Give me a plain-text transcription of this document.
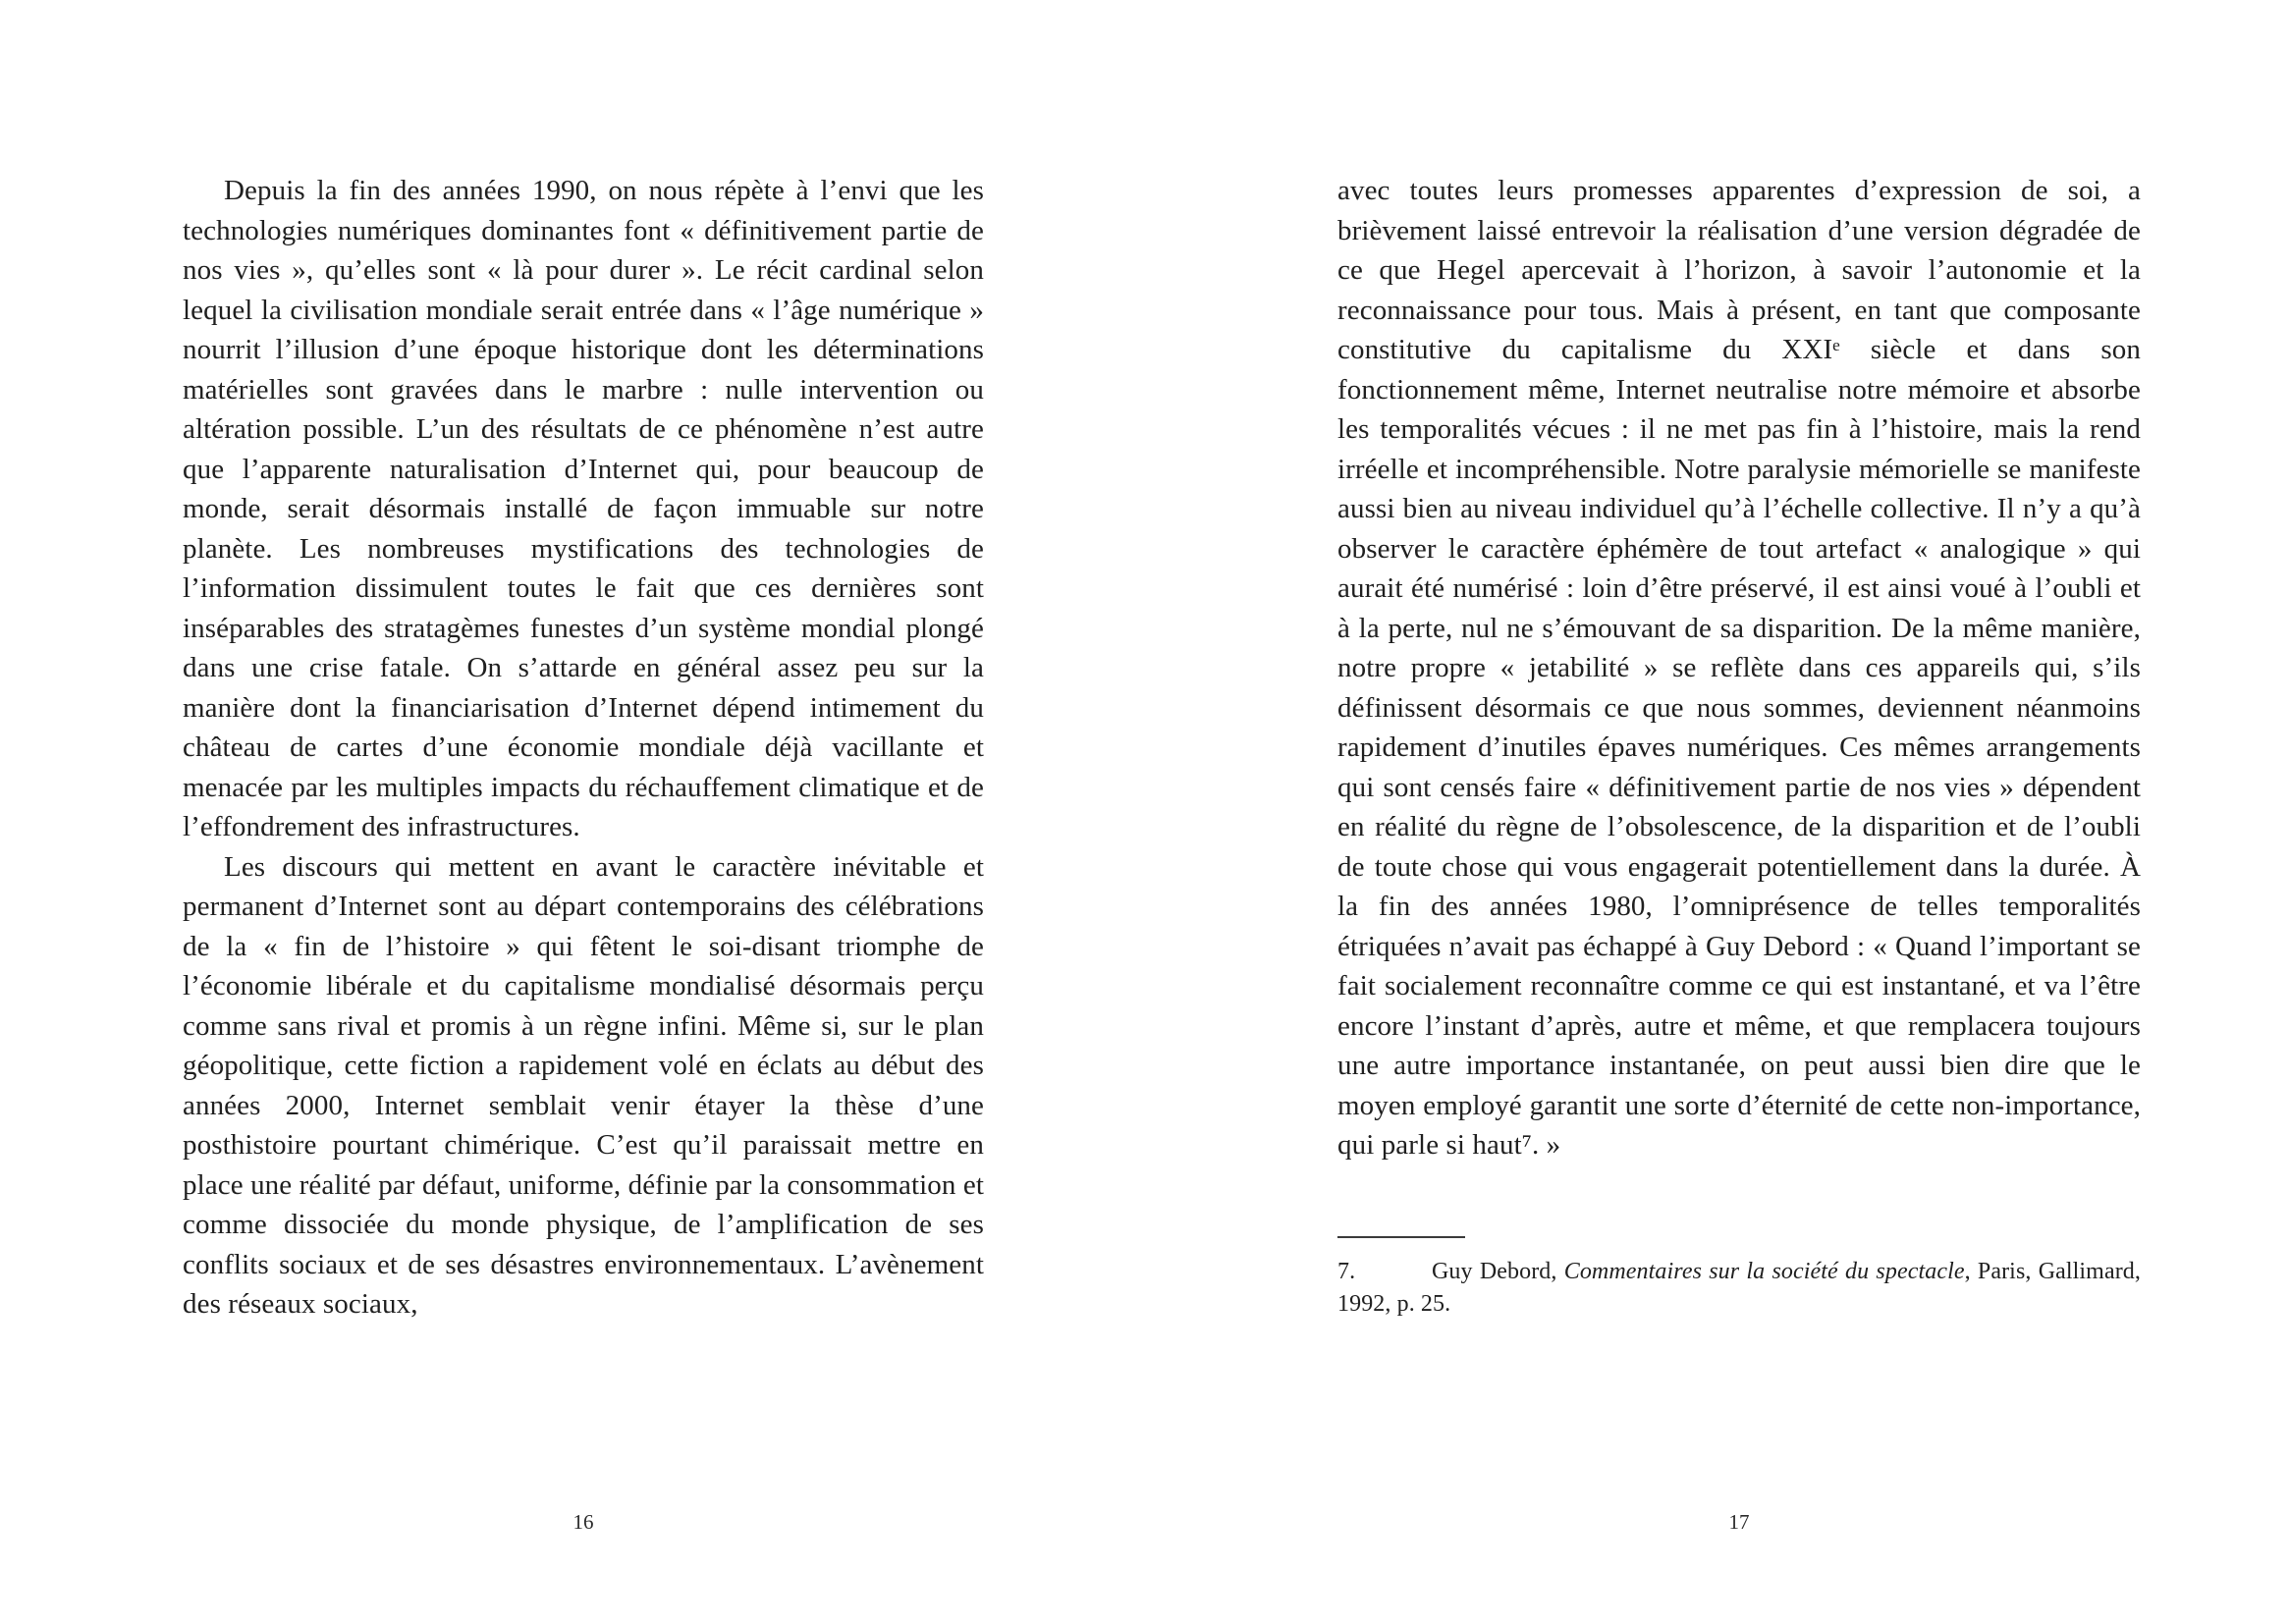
Depuis la fin des années 1990, on nous répète à l’envi que les technologies numériques dominantes font « définitivement partie de nos vies », qu’elles sont « là pour durer ». Le récit cardinal selon lequel la civilisation mondiale serait entrée dans « l’âge numérique » nourrit l’illusion d’une époque historique dont les déterminations matérielles sont gravées dans le marbre : nulle intervention ou altération possible. L’un des résultats de ce phénomène n’est autre que l’apparente naturalisation d’Internet qui, pour beaucoup de monde, serait désormais installé de façon immuable sur notre planète. Les nombreuses mystifications des technologies de l’information dissimulent toutes le fait que ces dernières sont inséparables des stratagèmes funestes d’un système mondial plongé dans une crise fatale. On s’attarde en général assez peu sur la manière dont la financiarisation d’Internet dépend intimement du château de cartes d’une économie mondiale déjà vacillante et menacée par les multiples impacts du réchauffement climatique et de l’effondrement des infrastructures.

Les discours qui mettent en avant le caractère inévitable et permanent d’Internet sont au départ contemporains des célébrations de la « fin de l’histoire » qui fêtent le soi-disant triomphe de l’économie libérale et du capitalisme mondialisé désormais perçu comme sans rival et promis à un règne infini. Même si, sur le plan géopolitique, cette fiction a rapidement volé en éclats au début des années 2000, Internet semblait venir étayer la thèse d’une posthistoire pourtant chimérique. C’est qu’il paraissait mettre en place une réalité par défaut, uniforme, définie par la consommation et comme dissociée du monde physique, de l’amplification de ses conflits sociaux et de ses désastres environnementaux. L’avènement des réseaux sociaux,

avec toutes leurs promesses apparentes d’expression de soi, a brièvement laissé entrevoir la réalisation d’une version dégradée de ce que Hegel apercevait à l’horizon, à savoir l’autonomie et la reconnaissance pour tous. Mais à présent, en tant que composante constitutive du capitalisme du XXIᵉ siècle et dans son fonctionnement même, Internet neutralise notre mémoire et absorbe les temporalités vécues : il ne met pas fin à l’histoire, mais la rend irréelle et incompréhensible. Notre paralysie mémorielle se manifeste aussi bien au niveau individuel qu’à l’échelle collective. Il n’y a qu’à observer le caractère éphémère de tout artefact « analogique » qui aurait été numérisé : loin d’être préservé, il est ainsi voué à l’oubli et à la perte, nul ne s’émouvant de sa disparition. De la même manière, notre propre « jetabilité » se reflète dans ces appareils qui, s’ils définissent désormais ce que nous sommes, deviennent néanmoins rapidement d’inutiles épaves numériques. Ces mêmes arrangements qui sont censés faire « définitivement partie de nos vies » dépendent en réalité du règne de l’obsolescence, de la disparition et de l’oubli de toute chose qui vous engagerait potentiellement dans la durée. À la fin des années 1980, l’omniprésence de telles temporalités étriquées n’avait pas échappé à Guy Debord : « Quand l’important se fait socialement reconnaître comme ce qui est instantané, et va l’être encore l’instant d’après, autre et même, et que remplacera toujours une autre importance instantanée, on peut aussi bien dire que le moyen employé garantit une sorte d’éternité de cette non-importance, qui parle si haut⁷. »

7.	Guy Debord, Commentaires sur la société du spectacle, Paris, Gallimard, 1992, p. 25.

16	17
